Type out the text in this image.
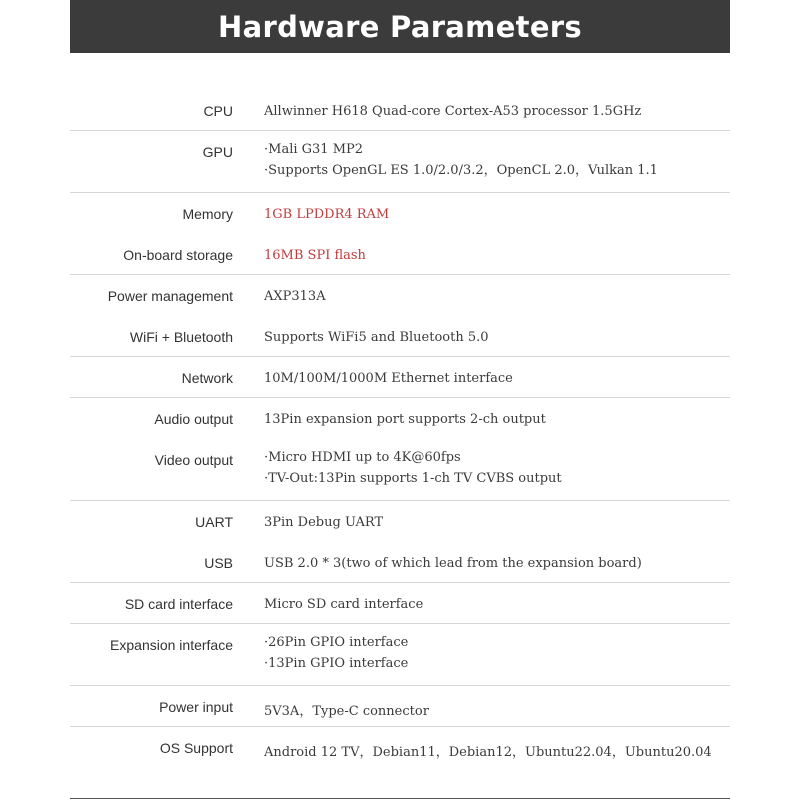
Hardware Parameters
CPU Allwinner H618 Quad-core Cortex-A53 processor 1.5GHz
GPU ·Mali G31 MP2
·Supports OpenGL ES 1.0/2.0/3.2，OpenCL 2.0，Vulkan 1.1
Memory 1GB LPDDR4 RAM
On-board storage 16MB SPI flash
Power management AXP313A
WiFi + Bluetooth Supports WiFi5 and Bluetooth 5.0
Network 10M/100M/1000M Ethernet interface
Audio output 13Pin expansion port supports 2-ch output
Video output ·Micro HDMI up to 4K@60fps
·TV-Out:13Pin supports 1-ch TV CVBS output
UART 3Pin Debug UART
USB USB 2.0 * 3(two of which lead from the expansion board)
SD card interface Micro SD card interface
Expansion interface ·26Pin GPIO interface
·13Pin GPIO interface
Power input 5V3A，Type-C connector
OS Support Android 12 TV，Debian11，Debian12，Ubuntu22.04，Ubuntu20.04
